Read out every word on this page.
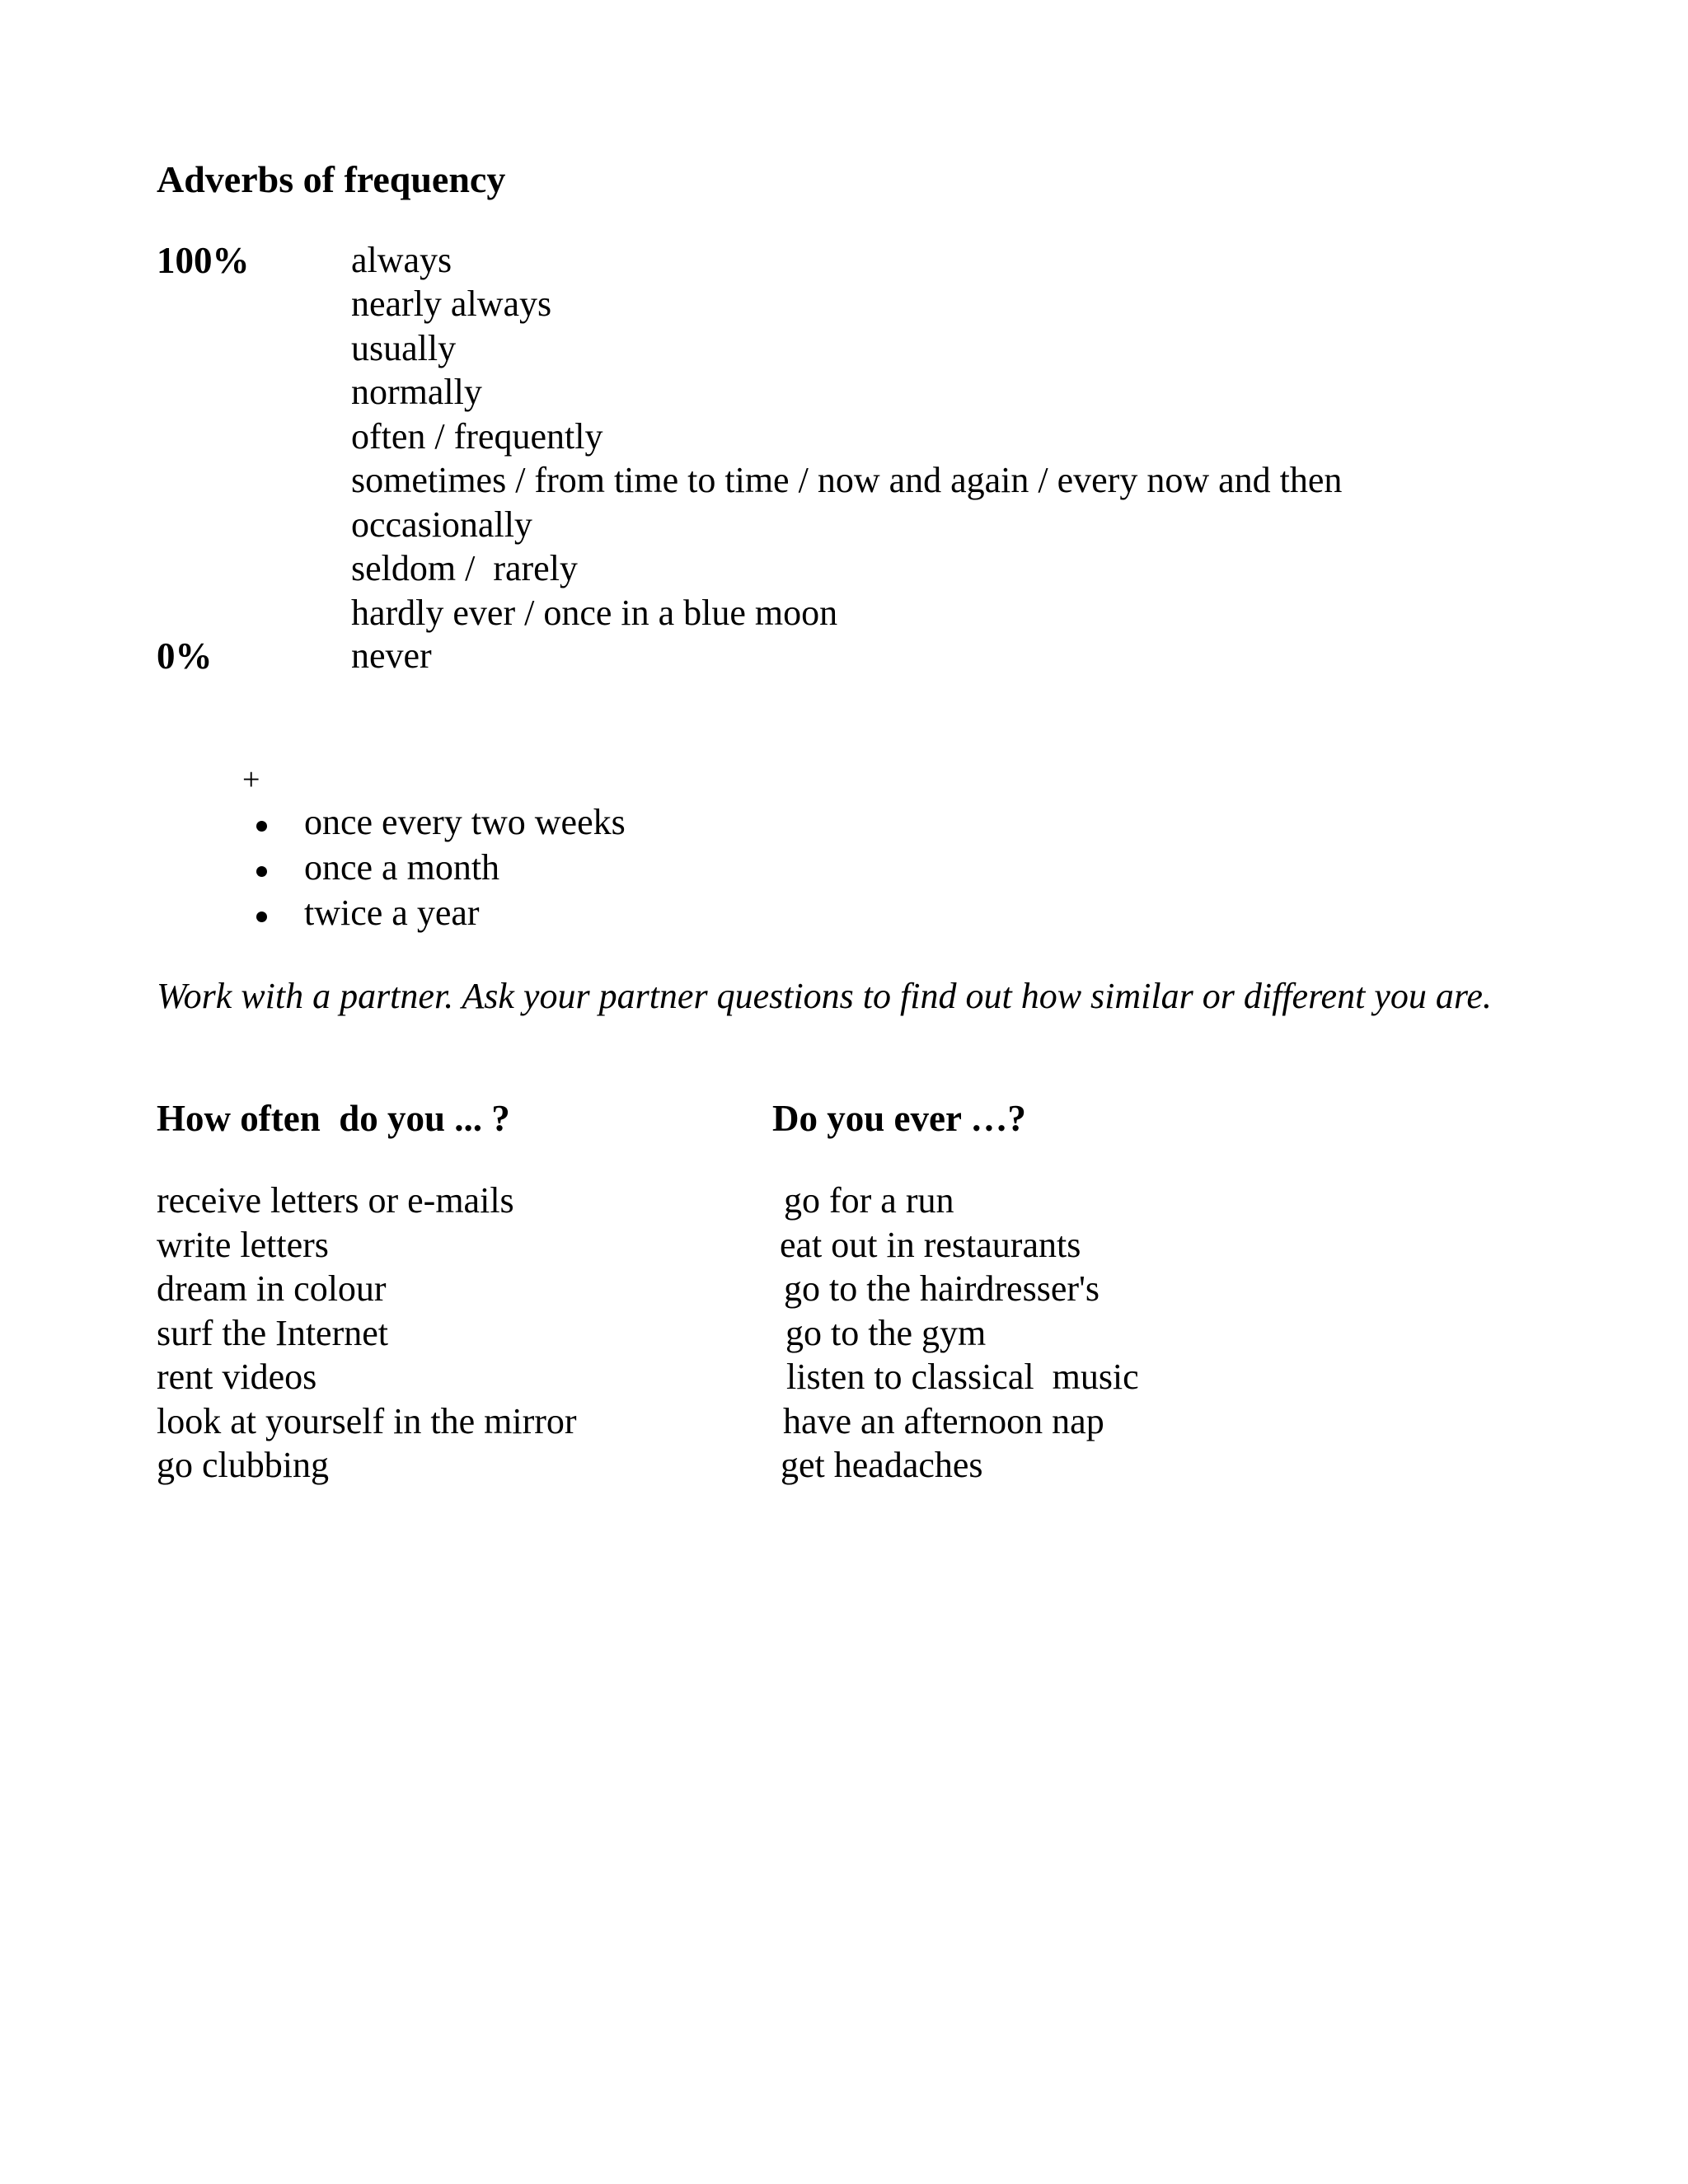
Adverbs of frequency
100%
0%
always
nearly always
usually
normally
often / frequently
sometimes / from time to time / now and again / every now and then
occasionally
seldom /  rarely
hardly ever / once in a blue moon
never
+
once every two weeks
once a month
twice a year
Work with a partner. Ask your partner questions to find out how similar or different you are.
How often  do you ... ?	Do you ever …?
receive letters or e-mails
write letters
dream in colour
surf the Internet
rent videos
look at yourself in the mirror
go clubbing
go for a run
eat out in restaurants
go to the hairdresser's
go to the gym
listen to classical  music
have an afternoon nap
get headaches
